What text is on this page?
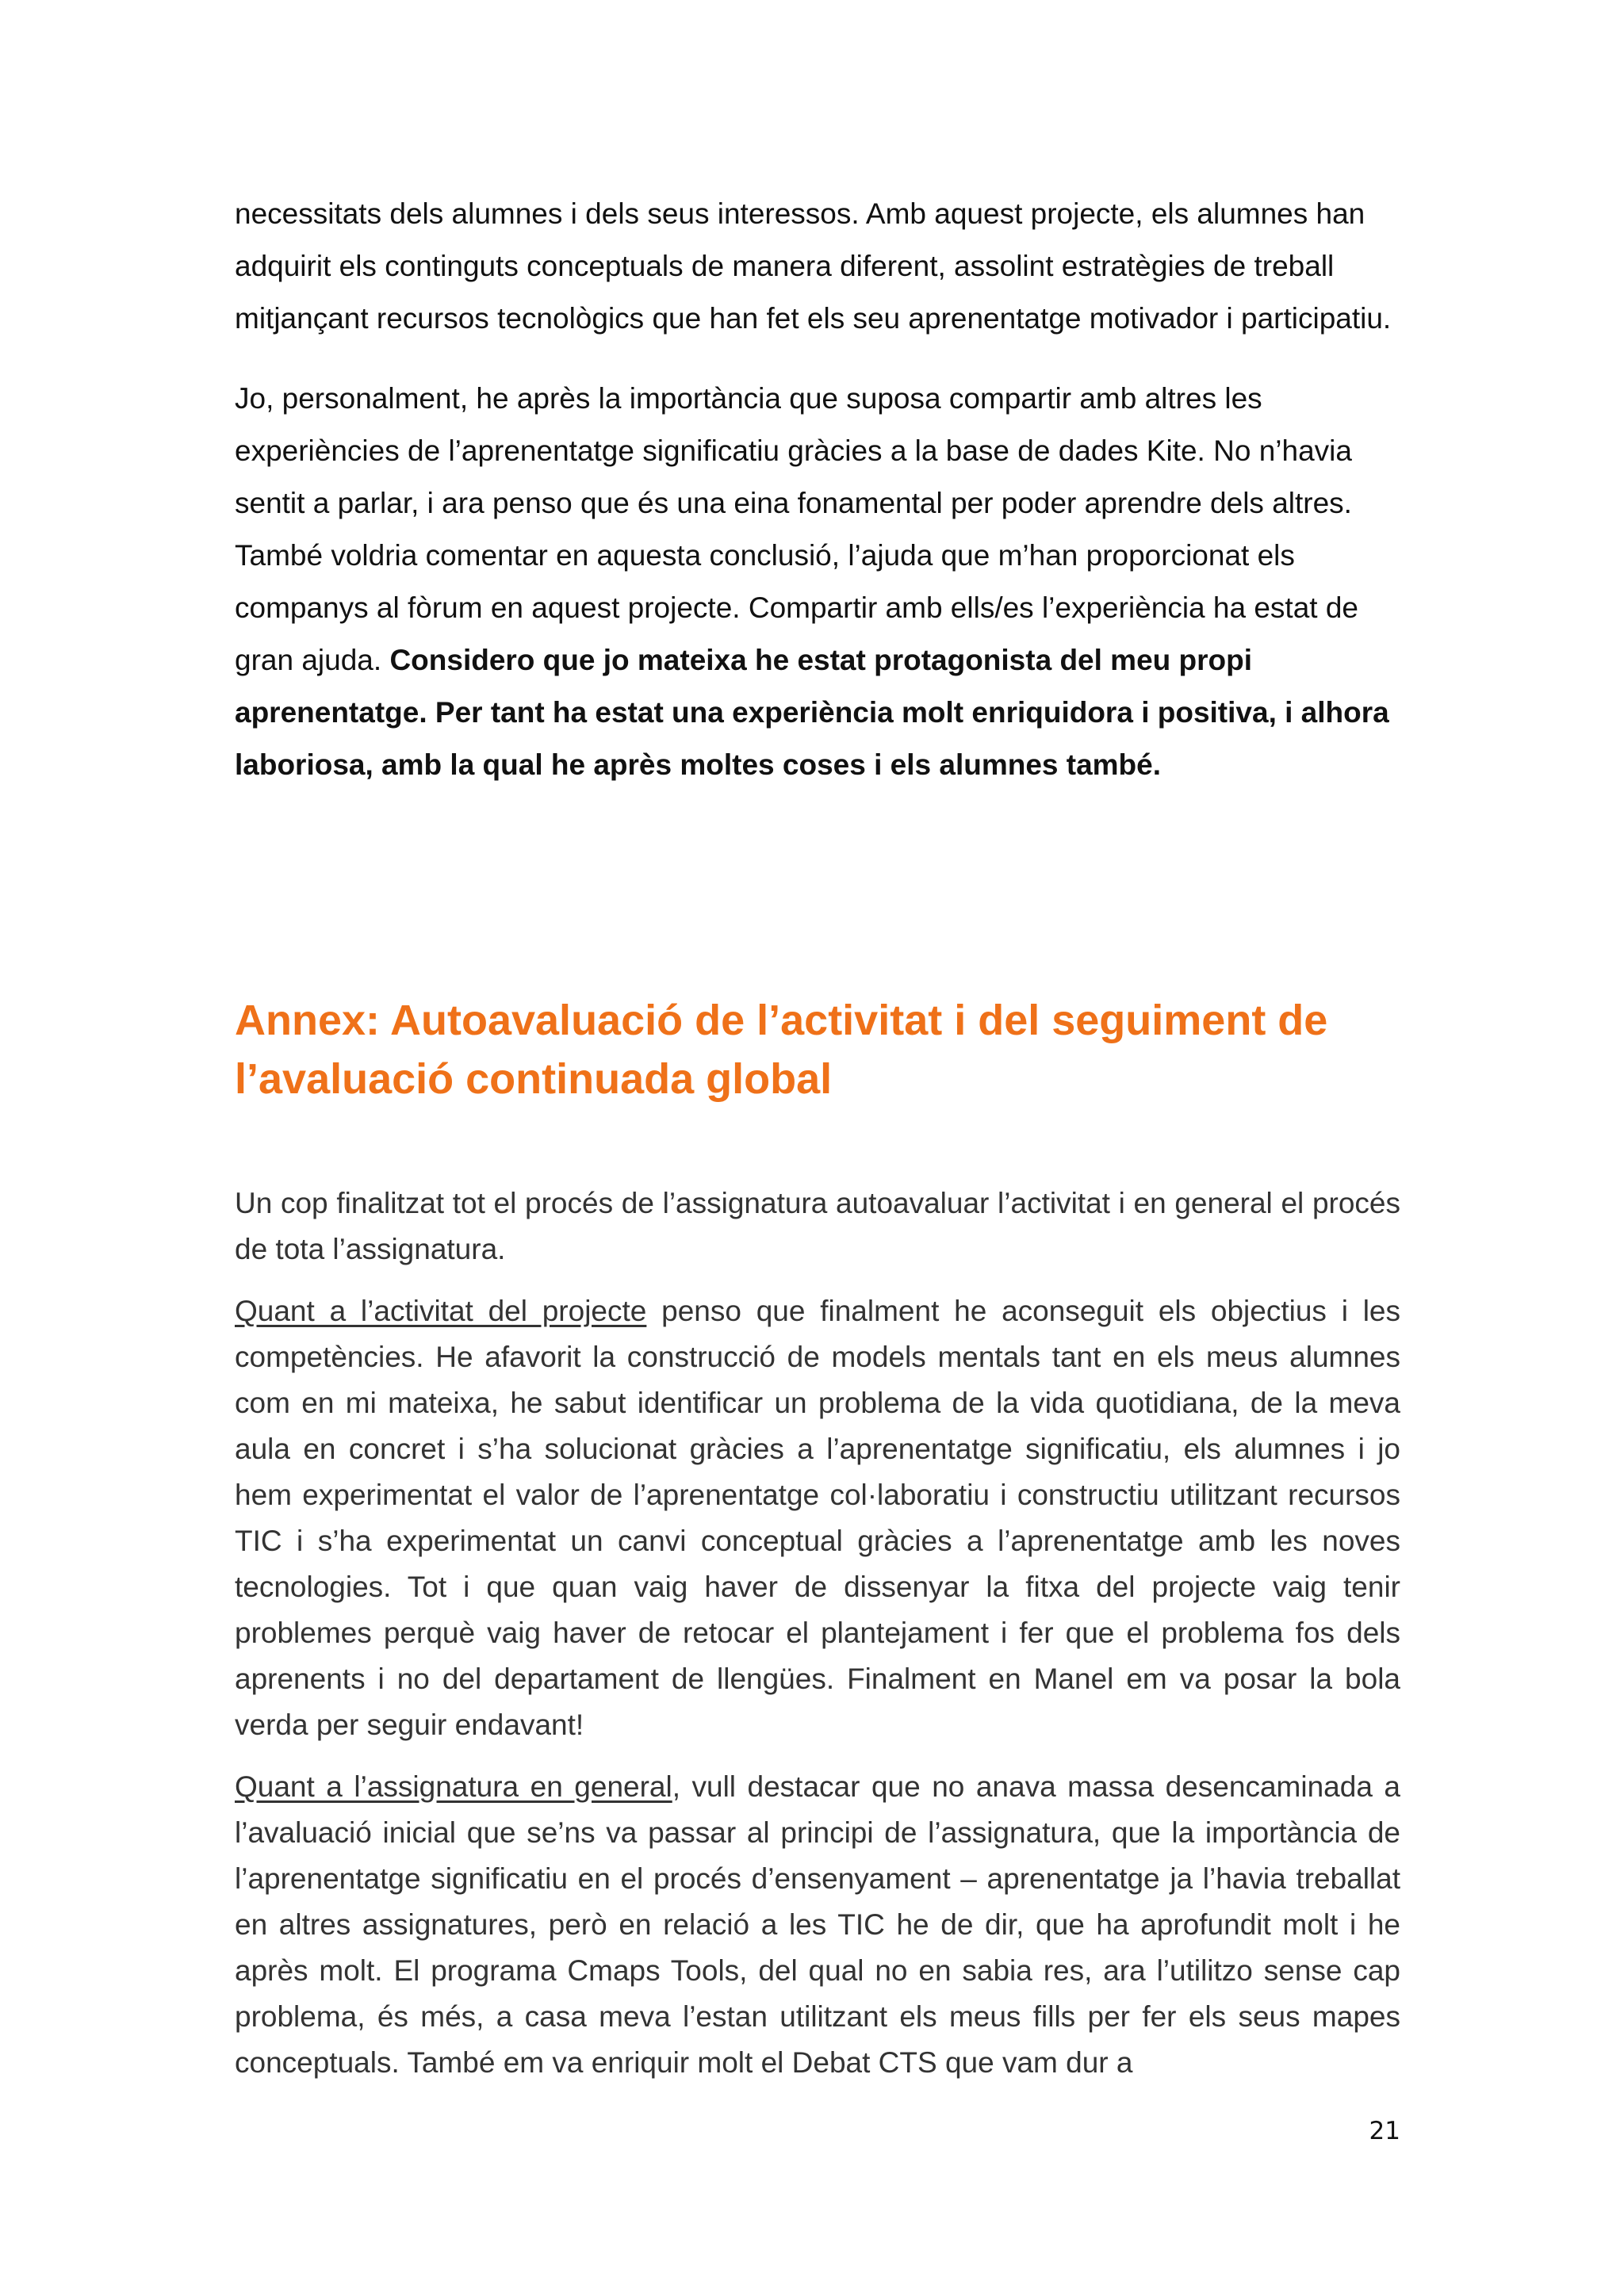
necessitats dels alumnes i dels seus interessos. Amb aquest projecte, els alumnes han adquirit els continguts conceptuals de manera diferent, assolint estratègies de treball mitjançant recursos tecnològics que han fet els seu aprenentatge motivador i participatiu.

Jo, personalment, he après la importància que suposa compartir amb altres les experiències de l’aprenentatge significatiu gràcies a la base de dades Kite. No n’havia sentit a parlar, i ara penso que és una eina fonamental per poder aprendre dels altres. També voldria comentar en aquesta conclusió, l’ajuda que m’han proporcionat els companys al fòrum en aquest projecte. Compartir amb ells/es l’experiència ha estat de gran ajuda. Considero que jo mateixa he estat protagonista del meu propi aprenentatge. Per tant ha estat una experiència molt enriquidora i positiva, i alhora laboriosa, amb la qual he après moltes coses i els alumnes també.

Annex: Autoavaluació de l’activitat i del seguiment de l’avaluació continuada global

Un cop finalitzat tot el procés de l’assignatura autoavaluar l’activitat i en general el procés de tota l’assignatura.

Quant a l’activitat del projecte penso que finalment he aconseguit els objectius i les competències. He afavorit la construcció de models mentals tant en els meus alumnes com en mi mateixa, he sabut identificar un problema de la vida quotidiana, de la meva aula en concret i s’ha solucionat gràcies a l’aprenentatge significatiu, els alumnes i jo hem experimentat el valor de l’aprenentatge col·laboratiu i constructiu utilitzant recursos TIC i s’ha experimentat un canvi conceptual gràcies a l’aprenentatge amb les noves tecnologies. Tot i que quan vaig haver de dissenyar la fitxa del projecte vaig tenir problemes perquè vaig haver de retocar el plantejament i fer que el problema fos dels aprenents i no del departament de llengües. Finalment en Manel em va posar la bola verda per seguir endavant!

Quant a l’assignatura en general, vull destacar que no anava massa desencaminada a l’avaluació inicial que se’ns va passar al principi de l’assignatura, que la importància de l’aprenentatge significatiu en el procés d’ensenyament – aprenentatge ja l’havia treballat en altres assignatures, però en relació a les TIC he de dir, que ha aprofundit molt i he après molt. El programa Cmaps Tools, del qual no en sabia res, ara l’utilitzo sense cap problema, és més, a casa meva l’estan utilitzant els meus fills per fer els seus mapes conceptuals. També em va enriquir molt el Debat CTS que vam dur a

21
